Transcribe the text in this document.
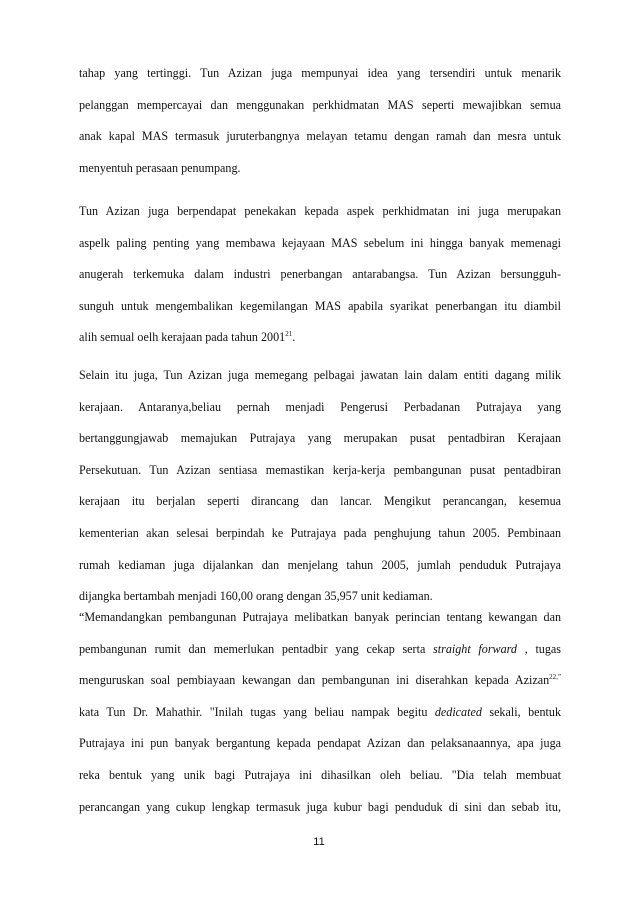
tahap yang tertinggi. Tun Azizan juga mempunyai idea yang tersendiri untuk menarik
pelanggan mempercayai dan menggunakan perkhidmatan MAS seperti mewajibkan semua
anak kapal MAS termasuk juruterbangnya melayan tetamu dengan ramah dan mesra untuk
menyentuh perasaan penumpang.
Tun Azizan juga berpendapat penekakan kepada aspek perkhidmatan ini juga merupakan
aspelk paling penting yang membawa kejayaan MAS sebelum ini hingga banyak memenagi
anugerah terkemuka dalam industri penerbangan antarabangsa. Tun Azizan bersungguh-
sunguh untuk mengembalikan kegemilangan MAS apabila syarikat penerbangan itu diambil
alih semual oelh kerajaan pada tahun 2001$^{21}$.
Selain itu juga, Tun Azizan juga memegang pelbagai jawatan lain dalam entiti dagang milik
kerajaan. Antaranya,beliau pernah menjadi Pengerusi Perbadanan Putrajaya yang
bertanggungjawab memajukan Putrajaya yang merupakan pusat pentadbiran Kerajaan
Persekutuan. Tun Azizan sentiasa memastikan kerja-kerja pembangunan pusat pentadbiran
kerajaan itu berjalan seperti dirancang dan lancar. Mengikut perancangan, kesemua
kementerian akan selesai berpindah ke Putrajaya pada penghujung tahun 2005. Pembinaan
rumah kediaman juga dijalankan dan menjelang tahun 2005, jumlah penduduk Putrajaya
dijangka bertambah menjadi 160,00 orang dengan 35,957 unit kediaman.
“Memandangkan pembangunan Putrajaya melibatkan banyak perincian tentang kewangan dan
pembangunan rumit dan memerlukan pentadbir yang cekap serta straight forward , tugas
menguruskan soal pembiayaan kewangan dan pembangunan ini diserahkan kepada Azizan$^{22,”}$
kata Tun Dr. Mahathir. "Inilah tugas yang beliau nampak begitu dedicated sekali, bentuk
Putrajaya ini pun banyak bergantung kepada pendapat Azizan dan pelaksanaannya, apa juga
reka bentuk yang unik bagi Putrajaya ini dihasilkan oleh beliau. "Dia telah membuat
perancangan yang cukup lengkap termasuk juga kubur bagi penduduk di sini dan sebab itu,
11
